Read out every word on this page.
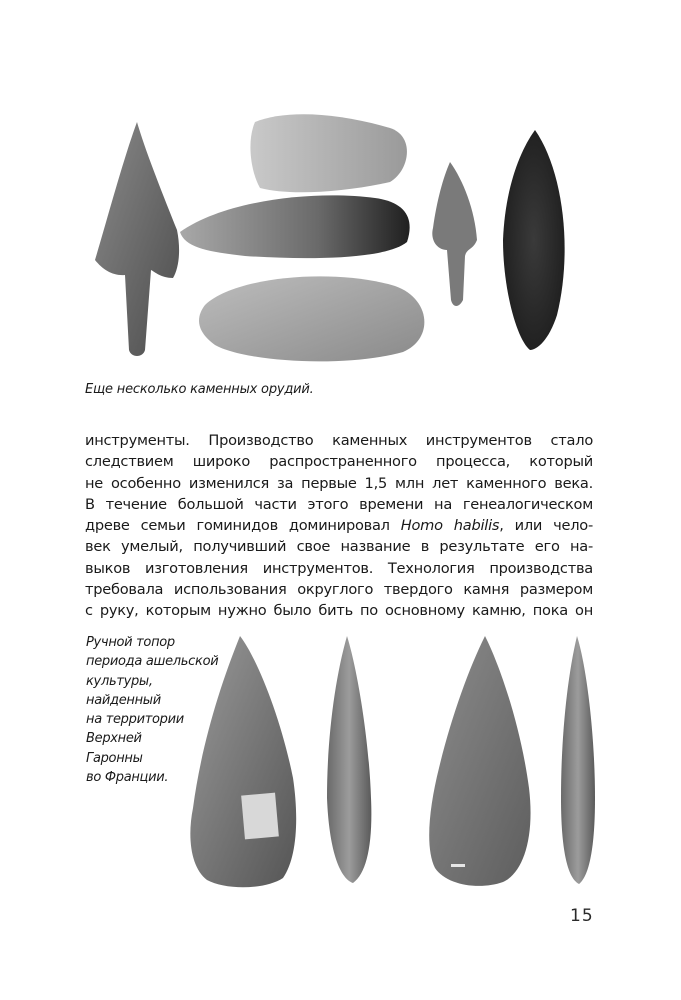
Еще несколько каменных орудий.
инструменты. Производство каменных инструментов стало
следствием широко распространенного процесса, который
не особенно изменился за первые 1,5 млн лет каменного века.
В течение большой части этого времени на генеалогическом
древе семьи гоминидов доминировал Homo habilis, или чело-
век умелый, получивший свое название в результате его на-
выков изготовления инструментов. Технология производства
требовала использования округлого твердого камня размером
с руку, которым нужно было бить по основному камню, пока он
Ручной топор
периода ашельской
культуры,
найденный
на территории
Верхней
Гаронны
во Франции.
15
